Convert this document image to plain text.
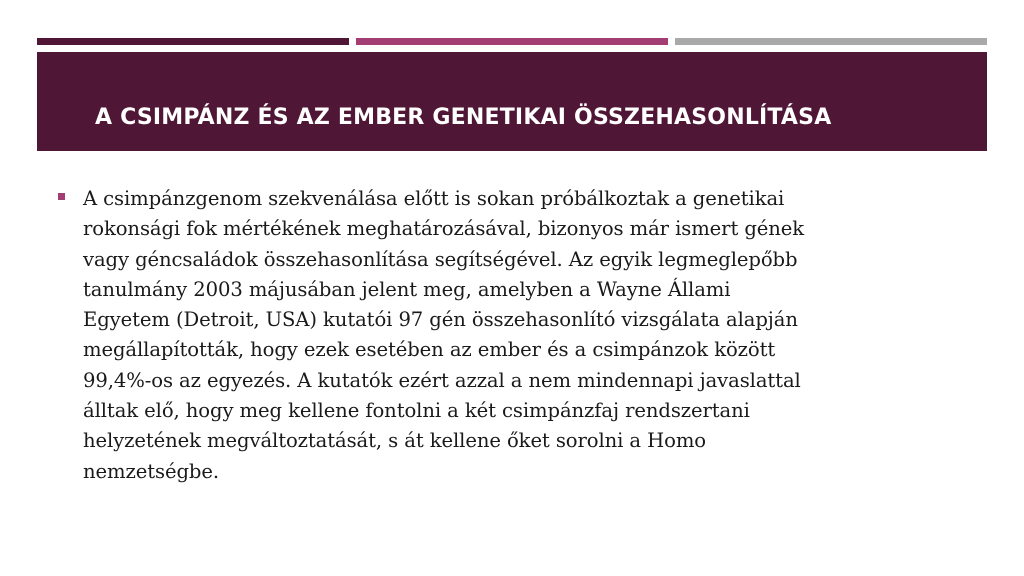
A CSIMPÁNZ ÉS AZ EMBER GENETIKAI ÖSSZEHASONLÍTÁSA

A csimpánzgenom szekvenálása előtt is sokan próbálkoztak a genetikai
rokonsági fok mértékének meghatározásával, bizonyos már ismert gének
vagy géncsaládok összehasonlítása segítségével. Az egyik legmeglepőbb
tanulmány 2003 májusában jelent meg, amelyben a Wayne Állami
Egyetem (Detroit, USA) kutatói 97 gén összehasonlító vizsgálata alapján
megállapították, hogy ezek esetében az ember és a csimpánzok között
99,4%-os az egyezés. A kutatók ezért azzal a nem mindennapi javaslattal
álltak elő, hogy meg kellene fontolni a két csimpánzfaj rendszertani
helyzetének megváltoztatását, s át kellene őket sorolni a Homo
nemzetségbe.
